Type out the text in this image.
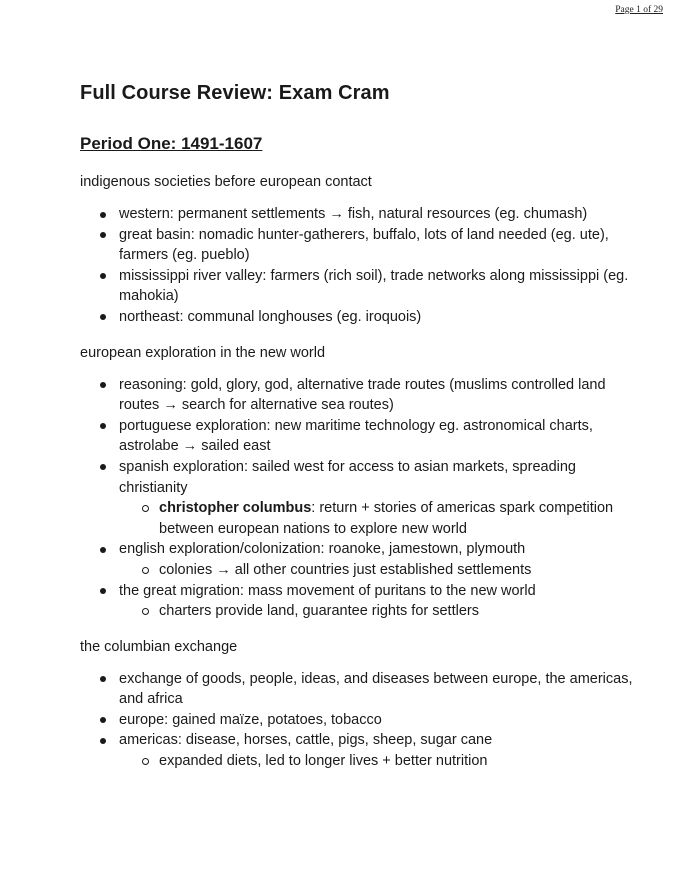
Page 1 of 29
Full Course Review: Exam Cram
Period One: 1491-1607

indigenous societies before european contact

western: permanent settlements → fish, natural resources (eg. chumash)
great basin: nomadic hunter-gatherers, buffalo, lots of land needed (eg. ute), farmers (eg. pueblo)
mississippi river valley: farmers (rich soil), trade networks along mississippi (eg. mahokia)
northeast: communal longhouses (eg. iroquois)

european exploration in the new world

reasoning: gold, glory, god, alternative trade routes (muslims controlled land routes → search for alternative sea routes)
portuguese exploration: new maritime technology eg. astronomical charts, astrolabe → sailed east
spanish exploration: sailed west for access to asian markets, spreading christianity
christopher columbus: return + stories of americas spark competition between european nations to explore new world
english exploration/colonization: roanoke, jamestown, plymouth
colonies → all other countries just established settlements
the great migration: mass movement of puritans to the new world
charters provide land, guarantee rights for settlers

the columbian exchange

exchange of goods, people, ideas, and diseases between europe, the americas, and africa
europe: gained maïze, potatoes, tobacco
americas: disease, horses, cattle, pigs, sheep, sugar cane
expanded diets, led to longer lives + better nutrition
